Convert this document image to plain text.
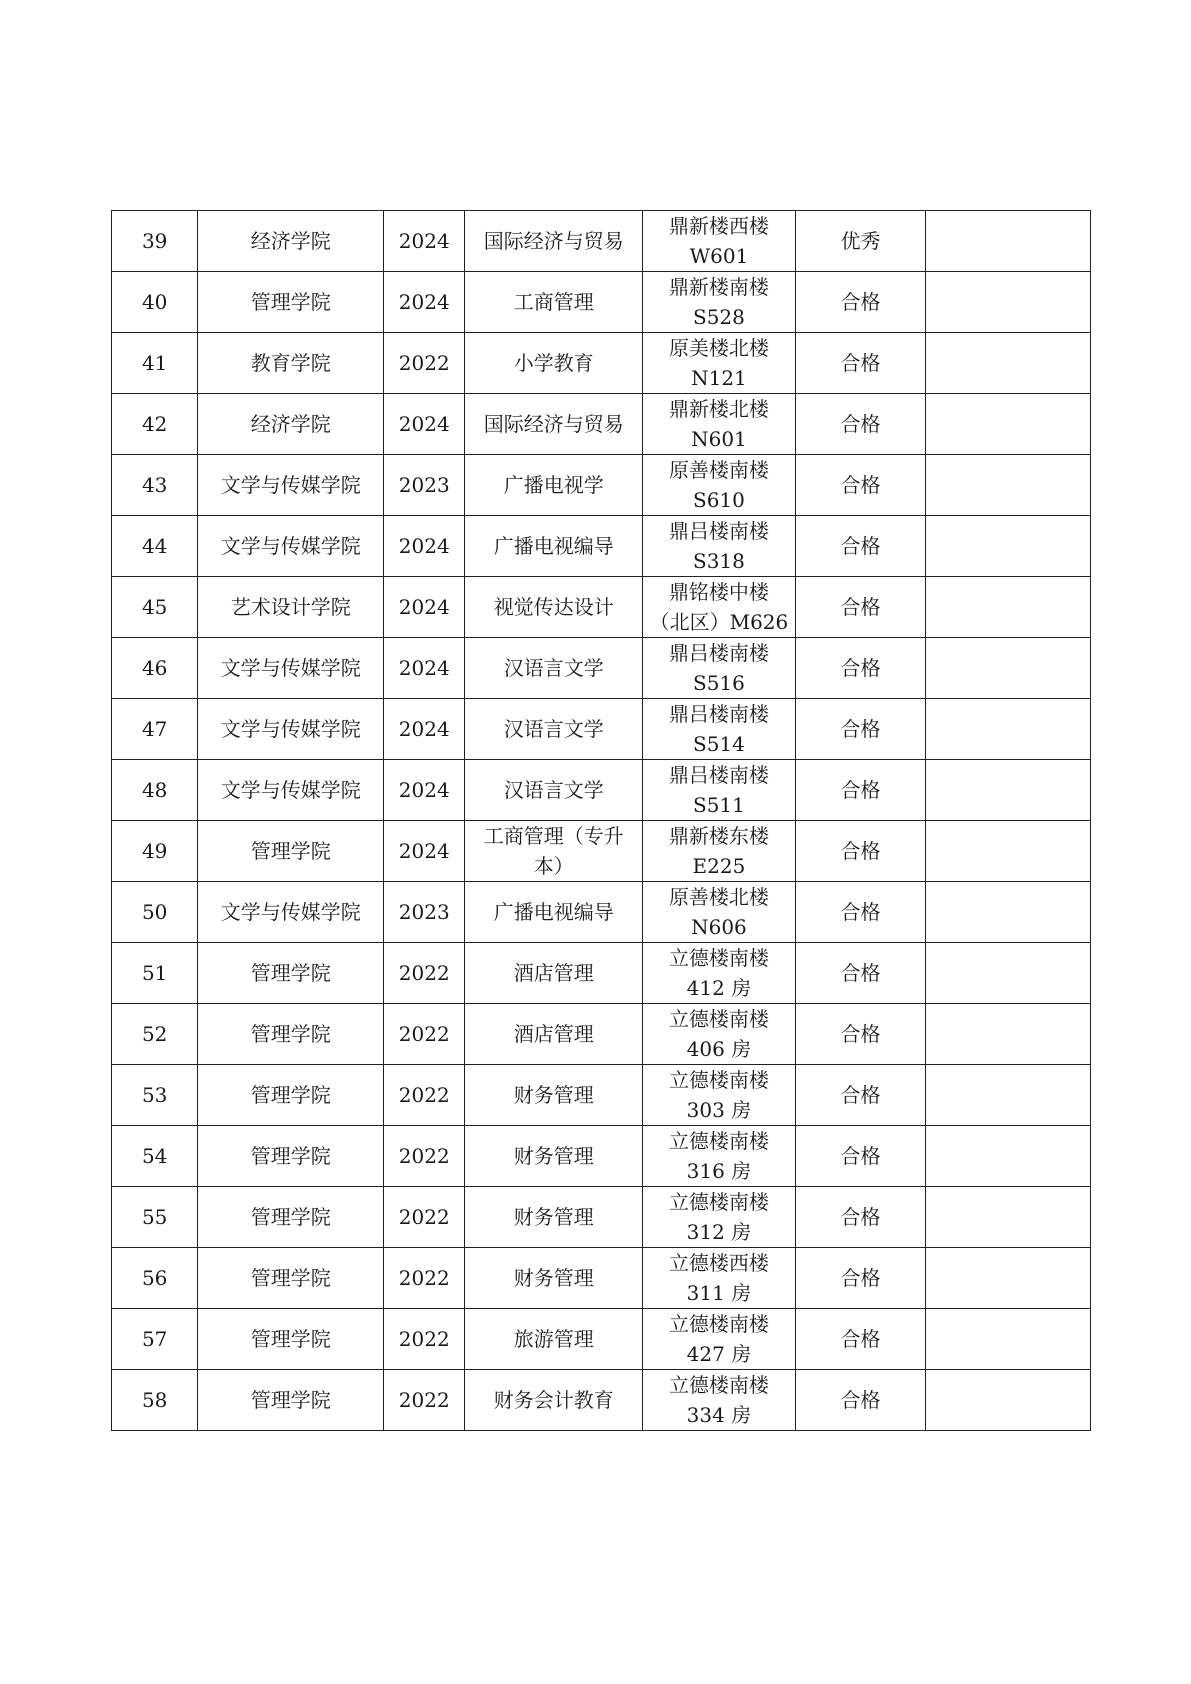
39	经济学院	2024	国际经济与贸易	鼎新楼西楼
W601	优秀	
40	管理学院	2024	工商管理	鼎新楼南楼
S528	合格	
41	教育学院	2022	小学教育	原美楼北楼
N121	合格	
42	经济学院	2024	国际经济与贸易	鼎新楼北楼
N601	合格	
43	文学与传媒学院	2023	广播电视学	原善楼南楼
S610	合格	
44	文学与传媒学院	2024	广播电视编导	鼎吕楼南楼
S318	合格	
45	艺术设计学院	2024	视觉传达设计	鼎铭楼中楼
（北区）M626	合格	
46	文学与传媒学院	2024	汉语言文学	鼎吕楼南楼
S516	合格	
47	文学与传媒学院	2024	汉语言文学	鼎吕楼南楼
S514	合格	
48	文学与传媒学院	2024	汉语言文学	鼎吕楼南楼
S511	合格	
49	管理学院	2024	工商管理（专升本）	鼎新楼东楼
E225	合格	
50	文学与传媒学院	2023	广播电视编导	原善楼北楼
N606	合格	
51	管理学院	2022	酒店管理	立德楼南楼
412 房	合格	
52	管理学院	2022	酒店管理	立德楼南楼
406 房	合格	
53	管理学院	2022	财务管理	立德楼南楼
303 房	合格	
54	管理学院	2022	财务管理	立德楼南楼
316 房	合格	
55	管理学院	2022	财务管理	立德楼南楼
312 房	合格	
56	管理学院	2022	财务管理	立德楼西楼
311 房	合格	
57	管理学院	2022	旅游管理	立德楼南楼
427 房	合格	
58	管理学院	2022	财务会计教育	立德楼南楼
334 房	合格	
